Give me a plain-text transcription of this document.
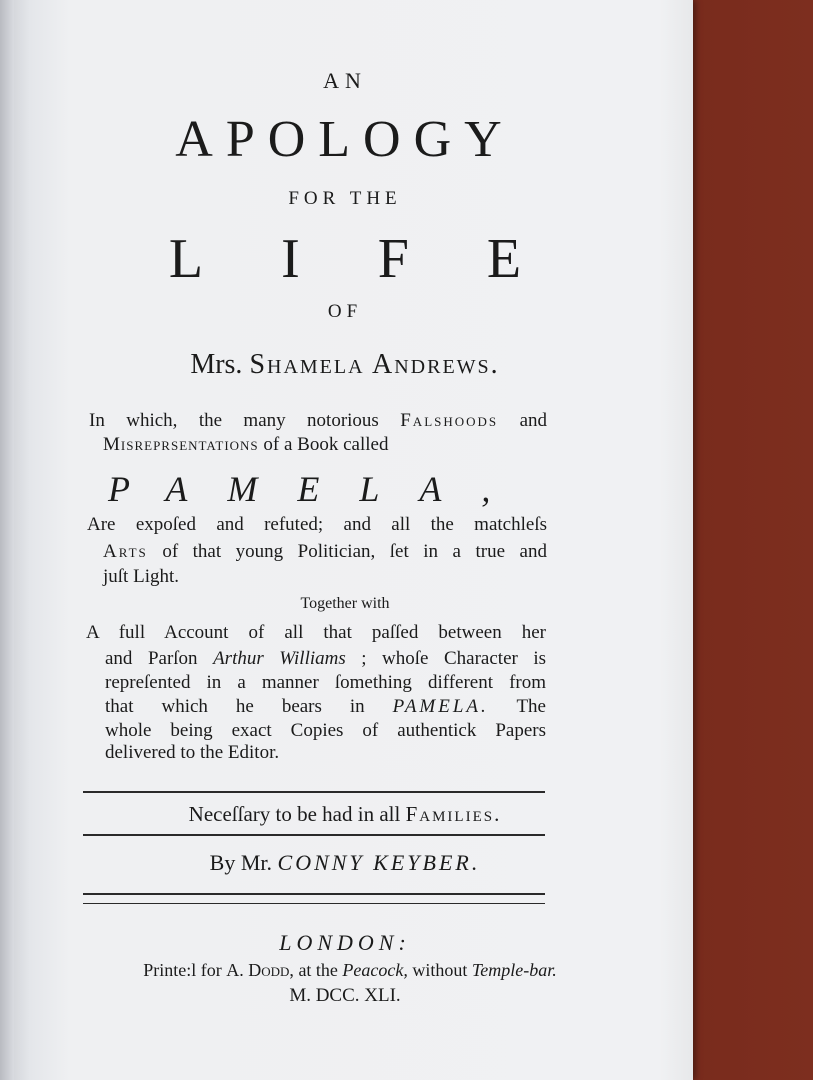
AN
APOLOGY
FOR THE
LIFE
OF
Mrs. Shamela Andrews.
In which, the many notorious Falshoods and
Misreprsentations of a Book called
PAMELA,
Are expoſed and refuted; and all the matchleſs
Arts of that young Politician, ſet in a true and
juſt Light.
Together with
A full Account of all that paſſed between her
and Parſon Arthur Williams ; whoſe Character is
repreſented in a manner ſomething different from
that which he bears in PAMELA. The
whole being exact Copies of authentick Papers
delivered to the Editor.
Neceſſary to be had in all Families.
By Mr. CONNY KEYBER.
LONDON:
Printe:l for A. Dodd, at the Peacock, without Temple-bar.
M. DCC. XLI.
